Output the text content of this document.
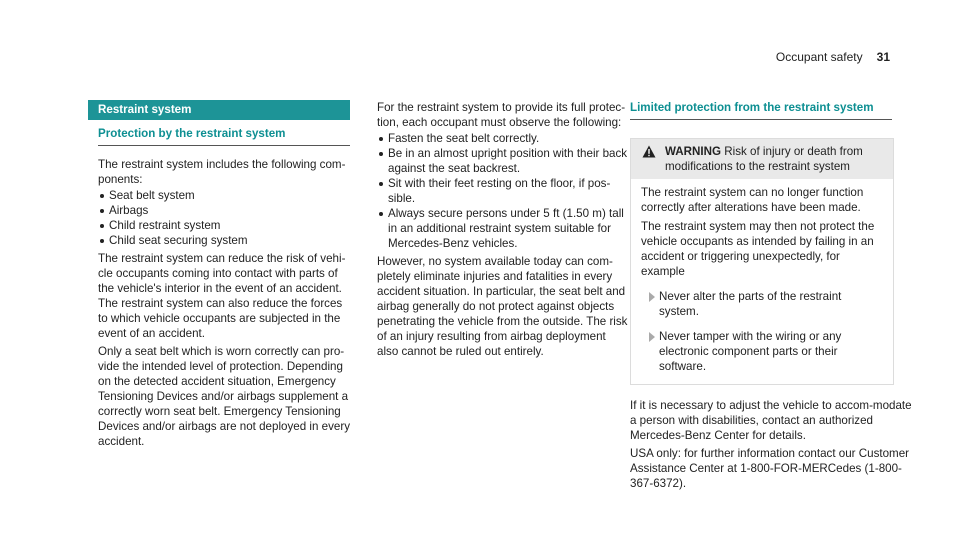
Occupant safety 31
Restraint system
Protection by the restraint system

The restraint system includes the following com-ponents:

Seat belt system
Airbags
Child restraint system
Child seat securing system

The restraint system can reduce the risk of vehi-cle occupants coming into contact with parts of the vehicle's interior in the event of an accident. The restraint system can also reduce the forces to which vehicle occupants are subjected in the event of an accident.

Only a seat belt which is worn correctly can pro-vide the intended level of protection. Depending on the detected accident situation, Emergency Tensioning Devices and/or airbags supplement a correctly worn seat belt. Emergency Tensioning Devices and/or airbags are not deployed in every accident.

For the restraint system to provide its full protec-tion, each occupant must observe the following:

Fasten the seat belt correctly.
Be in an almost upright position with their back against the seat backrest.
Sit with their feet resting on the floor, if pos-sible.
Always secure persons under 5 ft (1.50 m) tall in an additional restraint system suitable for Mercedes-Benz vehicles.

However, no system available today can com-pletely eliminate injuries and fatalities in every accident situation. In particular, the seat belt and airbag generally do not protect against objects penetrating the vehicle from the outside. The risk of an injury resulting from airbag deployment also cannot be ruled out entirely.

Limited protection from the restraint system
WARNING Risk of injury or death from modifications to the restraint system

The restraint system can no longer function correctly after alterations have been made.

The restraint system may then not protect the vehicle occupants as intended by failing in an accident or triggering unexpectedly, for example

Never alter the parts of the restraint system.
Never tamper with the wiring or any electronic component parts or their software.

If it is necessary to adjust the vehicle to accom-modate a person with disabilities, contact an authorized Mercedes-Benz Center for details.

USA only: for further information contact our Customer Assistance Center at 1-800-FOR-MERCedes (1-800-367-6372).
